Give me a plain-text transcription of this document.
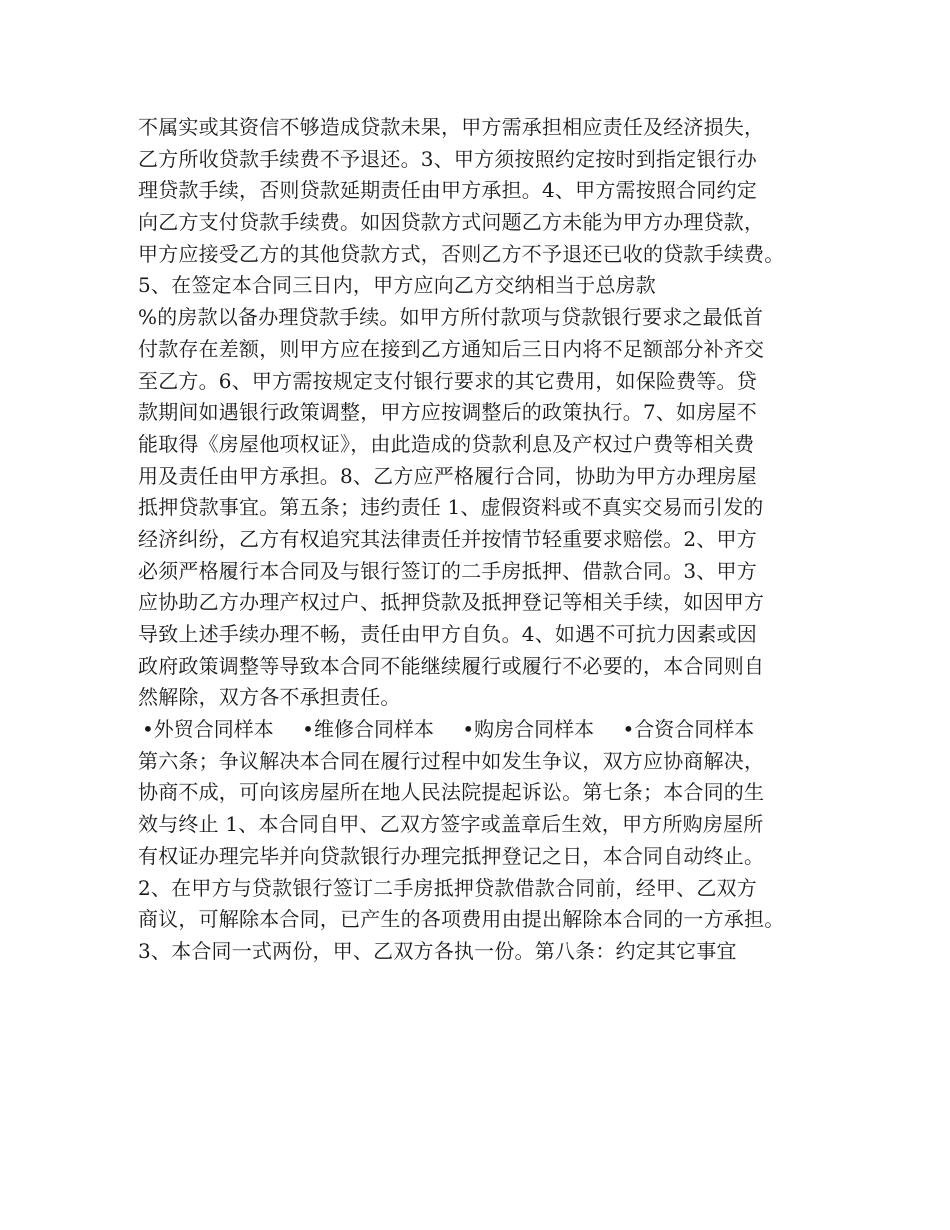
不属实或其资信不够造成贷款未果，甲方需承担相应责任及经济损失，
乙方所收贷款手续费不予退还。3、甲方须按照约定按时到指定银行办
理贷款手续，否则贷款延期责任由甲方承担。4、甲方需按照合同约定
向乙方支付贷款手续费。如因贷款方式问题乙方未能为甲方办理贷款，
甲方应接受乙方的其他贷款方式，否则乙方不予退还已收的贷款手续费。
5、在签定本合同三日内，甲方应向乙方交纳相当于总房款
%的房款以备办理贷款手续。如甲方所付款项与贷款银行要求之最低首
付款存在差额，则甲方应在接到乙方通知后三日内将不足额部分补齐交
至乙方。6、甲方需按规定支付银行要求的其它费用，如保险费等。贷
款期间如遇银行政策调整，甲方应按调整后的政策执行。7、如房屋不
能取得《房屋他项权证》，由此造成的贷款利息及产权过户费等相关费
用及责任由甲方承担。8、乙方应严格履行合同，协助为甲方办理房屋
抵押贷款事宜。第五条；违约责任 1、虚假资料或不真实交易而引发的
经济纠纷，乙方有权追究其法律责任并按情节轻重要求赔偿。2、甲方
必须严格履行本合同及与银行签订的二手房抵押、借款合同。3、甲方
应协助乙方办理产权过户、抵押贷款及抵押登记等相关手续，如因甲方
导致上述手续办理不畅，责任由甲方自负。4、如遇不可抗力因素或因
政府政策调整等导致本合同不能继续履行或履行不必要的，本合同则自
然解除，双方各不承担责任。
•外贸合同样本 •维修合同样本 •购房合同样本 •合资合同样本
第六条；争议解决本合同在履行过程中如发生争议，双方应协商解决，
协商不成，可向该房屋所在地人民法院提起诉讼。第七条；本合同的生
效与终止 1、本合同自甲、乙双方签字或盖章后生效，甲方所购房屋所
有权证办理完毕并向贷款银行办理完抵押登记之日，本合同自动终止。
2、在甲方与贷款银行签订二手房抵押贷款借款合同前，经甲、乙双方
商议，可解除本合同，已产生的各项费用由提出解除本合同的一方承担。
3、本合同一式两份，甲、乙双方各执一份。第八条：约定其它事宜
